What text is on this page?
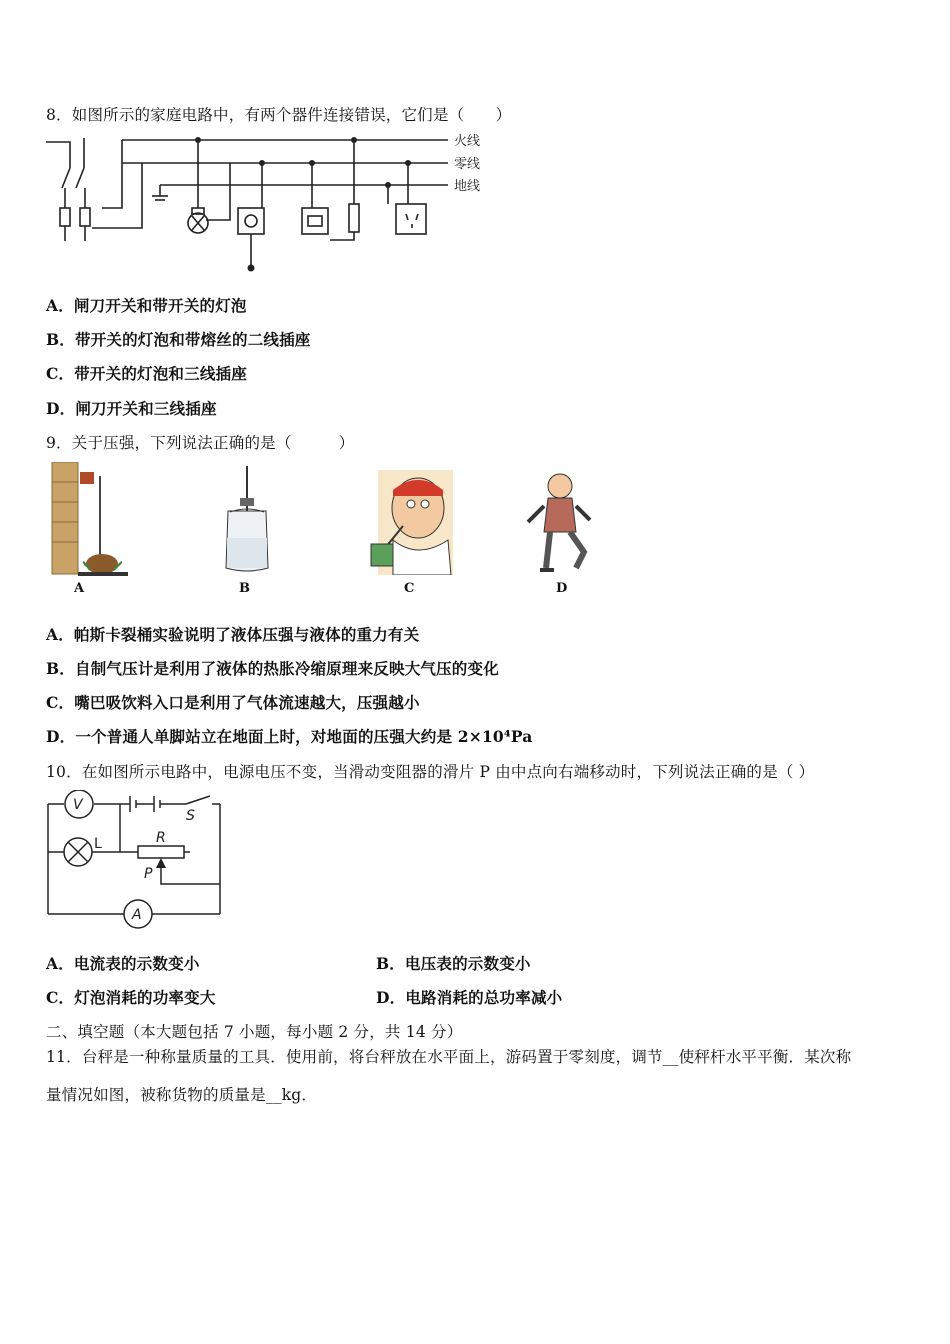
8．如图所示的家庭电路中，有两个器件连接错误，它们是（　　）
火线
零线
地线
A．闸刀开关和带开关的灯泡
B．带开关的灯泡和带熔丝的二线插座
C．带开关的灯泡和三线插座
D．闸刀开关和三线插座
9．关于压强，下列说法正确的是（　　　）
A	B	C	D
A．帕斯卡裂桶实验说明了液体压强与液体的重力有关
B．自制气压计是利用了液体的热胀冷缩原理来反映大气压的变化
C．嘴巴吸饮料入口是利用了气体流速越大，压强越小
D．一个普通人单脚站立在地面上时，对地面的压强大约是 2×10⁴Pa
10．在如图所示电路中，电源电压不变，当滑动变阻器的滑片 P 由中点向右端移动时，下列说法正确的是（ ）
V
L	R
P
S
A
A．电流表的示数变小	B．电压表的示数变小
C．灯泡消耗的功率变大	D．电路消耗的总功率减小
二、填空题（本大题包括 7 小题，每小题 2 分，共 14 分）
11．台秤是一种称量质量的工具．使用前，将台秤放在水平面上，游码置于零刻度，调节__使秤杆水平平衡．某次称
量情况如图，被称货物的质量是__kg．
